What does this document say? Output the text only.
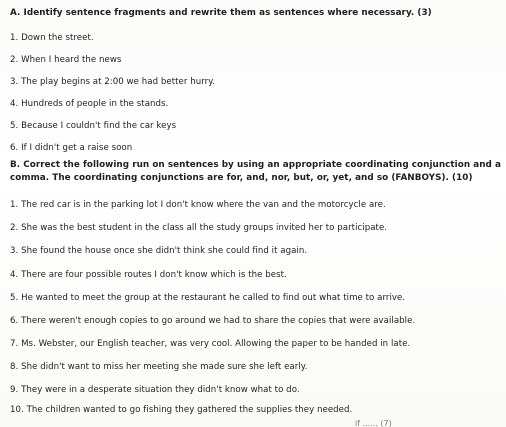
A. Identify sentence fragments and rewrite them as sentences where necessary. (3)
1. Down the street.
2. When I heard the news
3. The play begins at 2:00 we had better hurry.
4. Hundreds of people in the stands.
5. Because I couldn't find the car keys
6. If I didn't get a raise soon
B. Correct the following run on sentences by using an appropriate coordinating conjunction and a
comma. The coordinating conjunctions are for, and, nor, but, or, yet, and so (FANBOYS). (10)
1. The red car is in the parking lot I don't know where the van and the motorcycle are.
2. She was the best student in the class all the study groups invited her to participate.
3. She found the house once she didn't think she could find it again.
4. There are four possible routes I don't know which is the best.
5. He wanted to meet the group at the restaurant he called to find out what time to arrive.
6. There weren't enough copies to go around we had to share the copies that were available.
7. Ms. Webster, our English teacher, was very cool. Allowing the paper to be handed in late.
8. She didn't want to miss her meeting she made sure she left early.
9. They were in a desperate situation they didn't know what to do.
10. The children wanted to go fishing they gathered the supplies they needed.
if ...... (7)
